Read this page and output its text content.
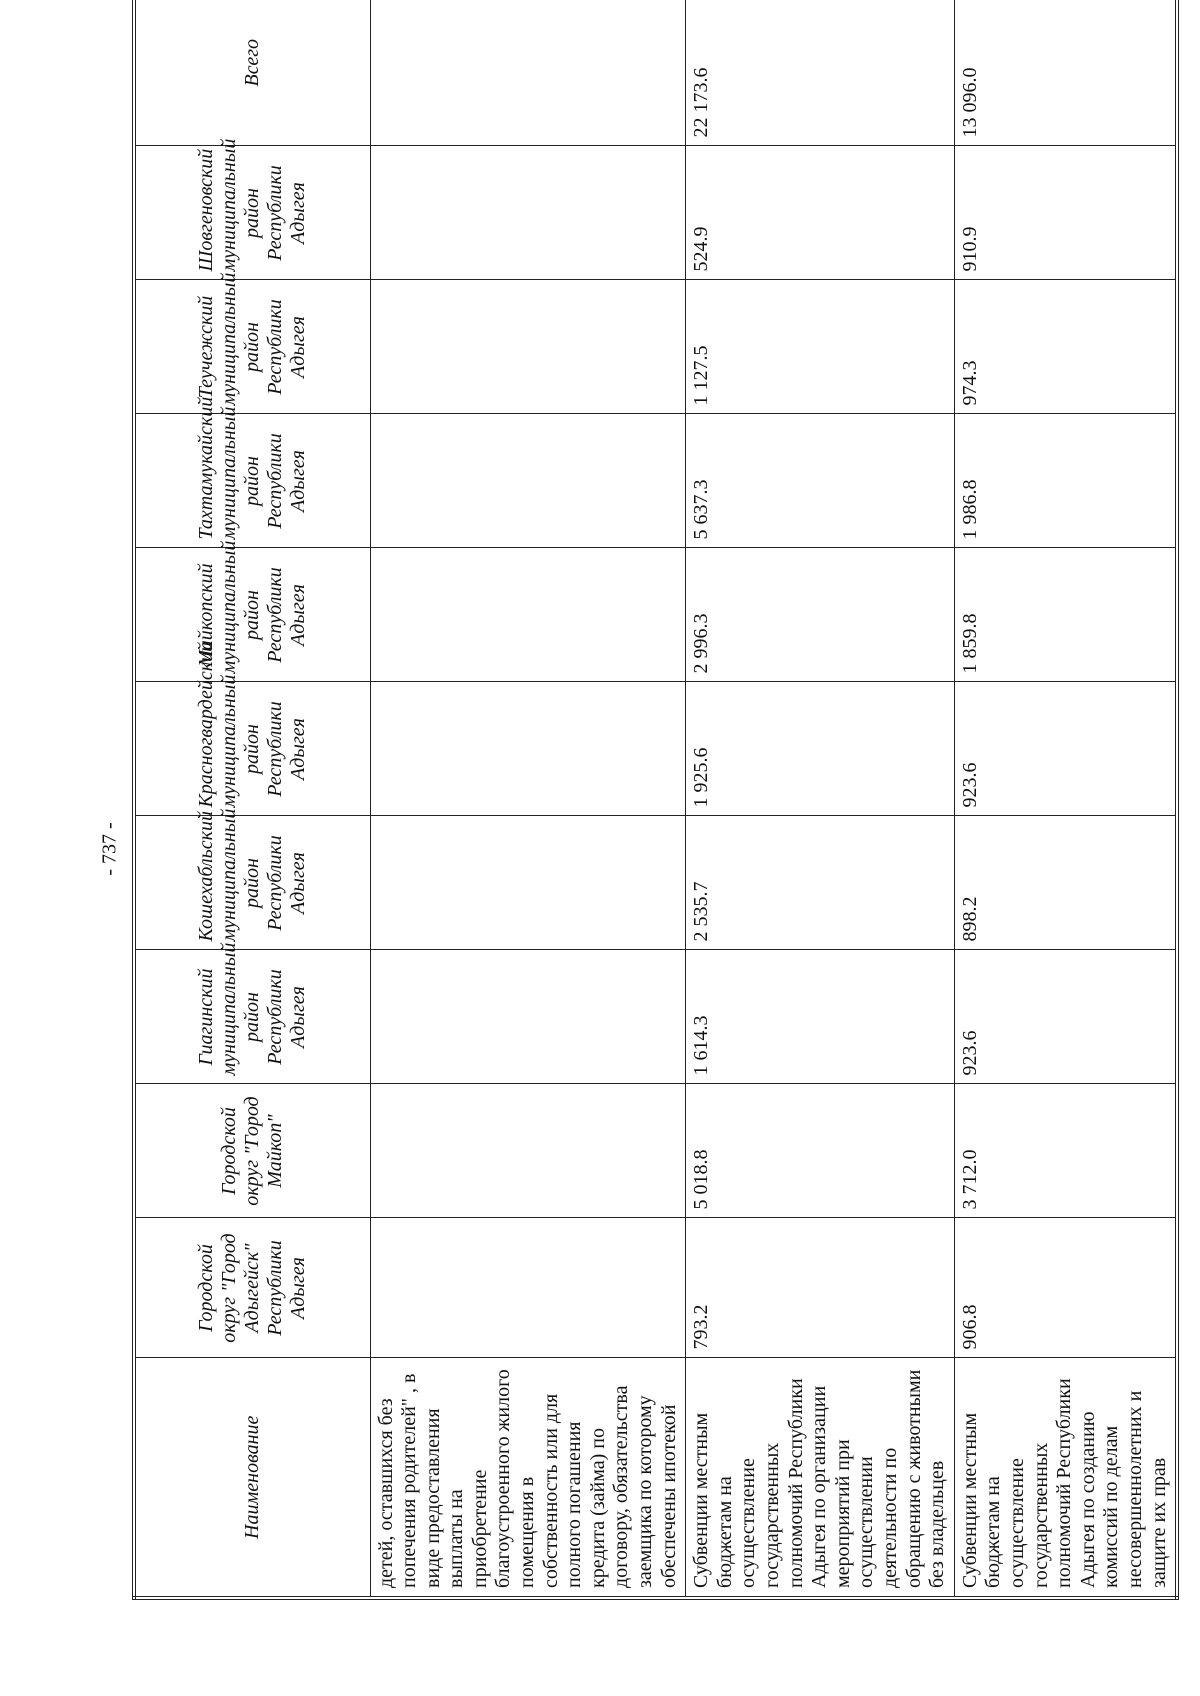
- 737 -
Наименование	Городской округ "Город Адыгейск" Республики Адыгея	Городской округ "Город Майкоп"	Гиагинский муниципальный район Республики Адыгея	Кошехабльский муниципальный район Республики Адыгея	Красногвардейский муниципальный район Республики Адыгея	Майкопский муниципальный район Республики Адыгея	Тахтамукайский муниципальный район Республики Адыгея	Теучежский муниципальный район Республики Адыгея	Шовгеновский муниципальный район Республики Адыгея	Всего
детей, оставшихся без попечения родителей" , в виде предоставления выплаты на приобретение благоустроенного жилого помещения в собственность или для полного погашения кредита (займа) по договору, обязательства заемщика по которому обеспечены ипотекой										
Субвенции местным бюджетам на осуществление государственных полномочий Республики Адыгея по организации мероприятий при осуществлении деятельности по обращению с животными без владельцев	793.2	5 018.8	1 614.3	2 535.7	1 925.6	2 996.3	5 637.3	1 127.5	524.9	22 173.6
Субвенции местным бюджетам на осуществление государственных полномочий Республики Адыгея по созданию комиссий по делам несовершеннолетних и защите их прав	906.8	3 712.0	923.6	898.2	923.6	1 859.8	1 986.8	974.3	910.9	13 096.0
